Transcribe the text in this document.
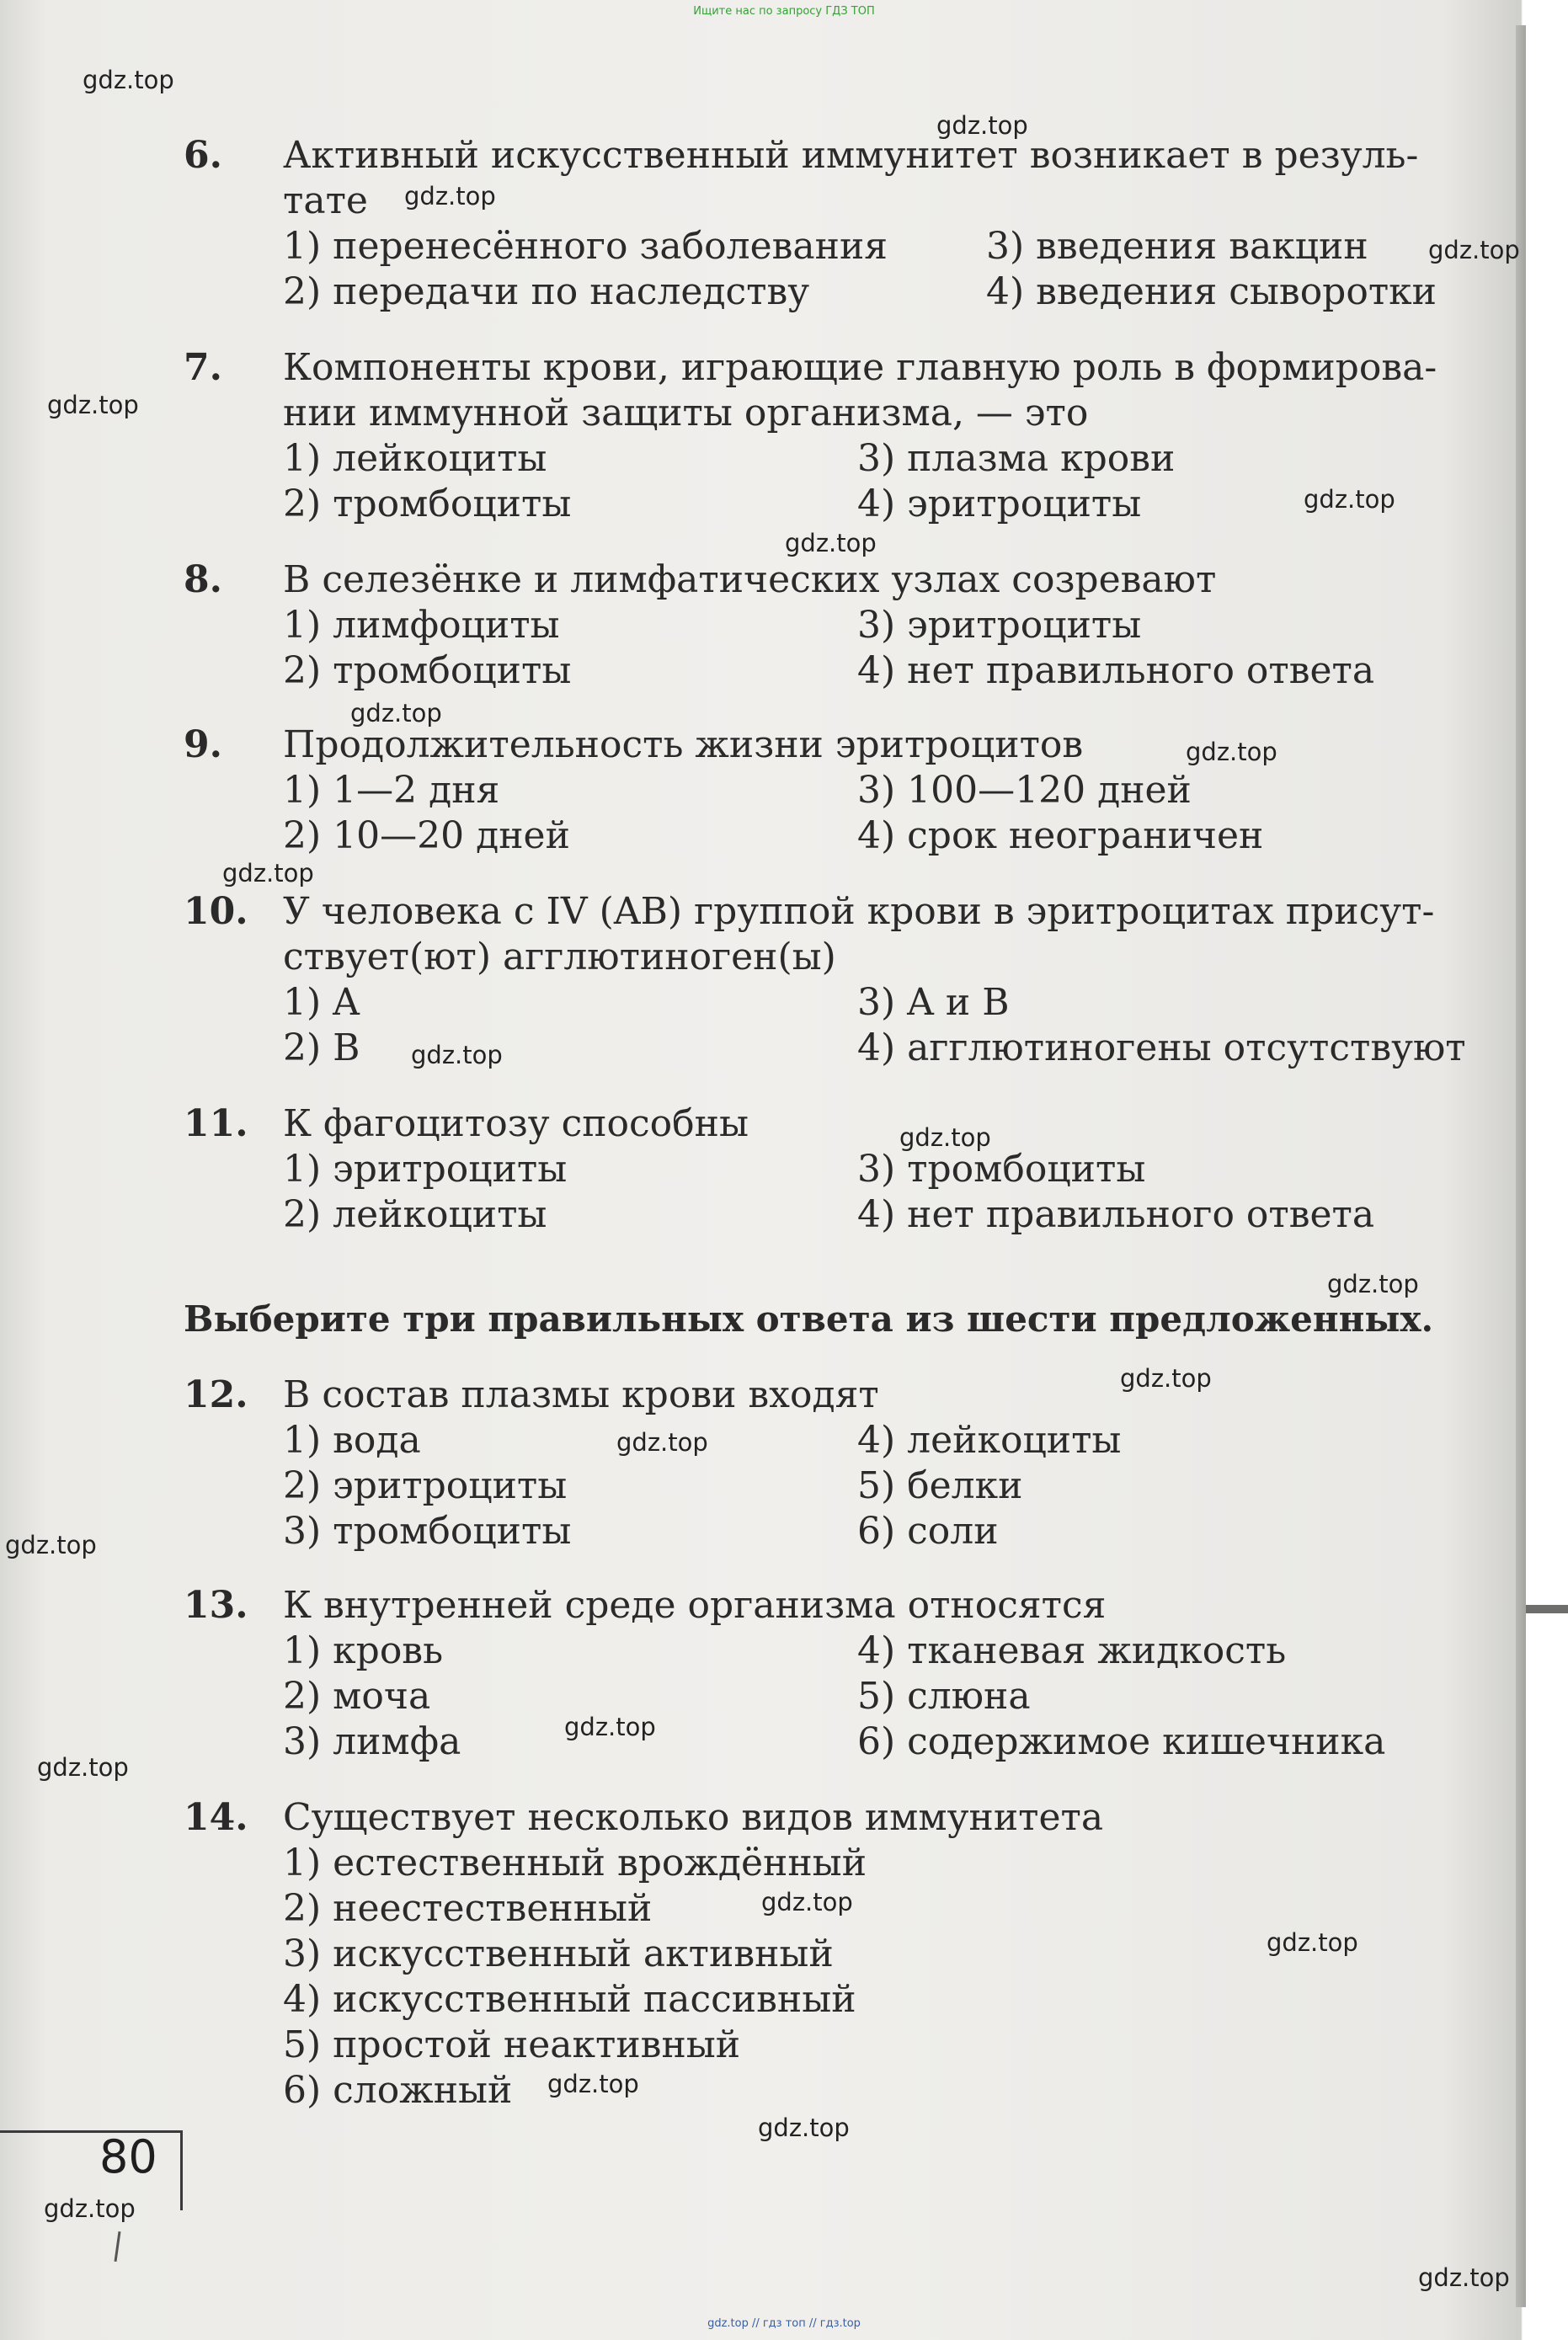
Ищите нас по запросу ГДЗ ТОП
6. Активный искусственный иммунитет возникает в резуль-
тате
1) перенесённого заболевания	3) введения вакцин
2) передачи по наследству	4) введения сыворотки
7. Компоненты крови, играющие главную роль в формирова-
нии иммунной защиты организма, — это
1) лейкоциты	3) плазма крови
2) тромбоциты	4) эритроциты
8. В селезёнке и лимфатических узлах созревают
1) лимфоциты	3) эритроциты
2) тромбоциты	4) нет правильного ответа
9. Продолжительность жизни эритроцитов
1) 1—2 дня	3) 100—120 дней
2) 10—20 дней	4) срок неограничен
10. У человека с IV (AB) группой крови в эритроцитах присут-
ствует(ют) агглютиноген(ы)
1) A	3) A и B
2) B	4) агглютиногены отсутствуют
11. К фагоцитозу способны
1) эритроциты	3) тромбоциты
2) лейкоциты	4) нет правильного ответа
Выберите три правильных ответа из шести предложенных.
12. В состав плазмы крови входят
1) вода	4) лейкоциты
2) эритроциты	5) белки
3) тромбоциты	6) соли
13. К внутренней среде организма относятся
1) кровь	4) тканевая жидкость
2) моча	5) слюна
3) лимфа	6) содержимое кишечника
14. Существует несколько видов иммунитета
1) естественный врождённый
2) неестественный
3) искусственный активный
4) искусственный пассивный
5) простой неактивный
6) сложный
80
gdz.top
gdz.top
gdz.top
gdz.top
gdz.top
gdz.top
gdz.top
gdz.top
gdz.top
gdz.top
gdz.top
gdz.top
gdz.top
gdz.top
gdz.top
gdz.top
gdz.top
gdz.top
gdz.top
gdz.top
gdz.top
gdz.top
gdz.top
gdz.top
gdz.top // гдз топ // гдз.top
